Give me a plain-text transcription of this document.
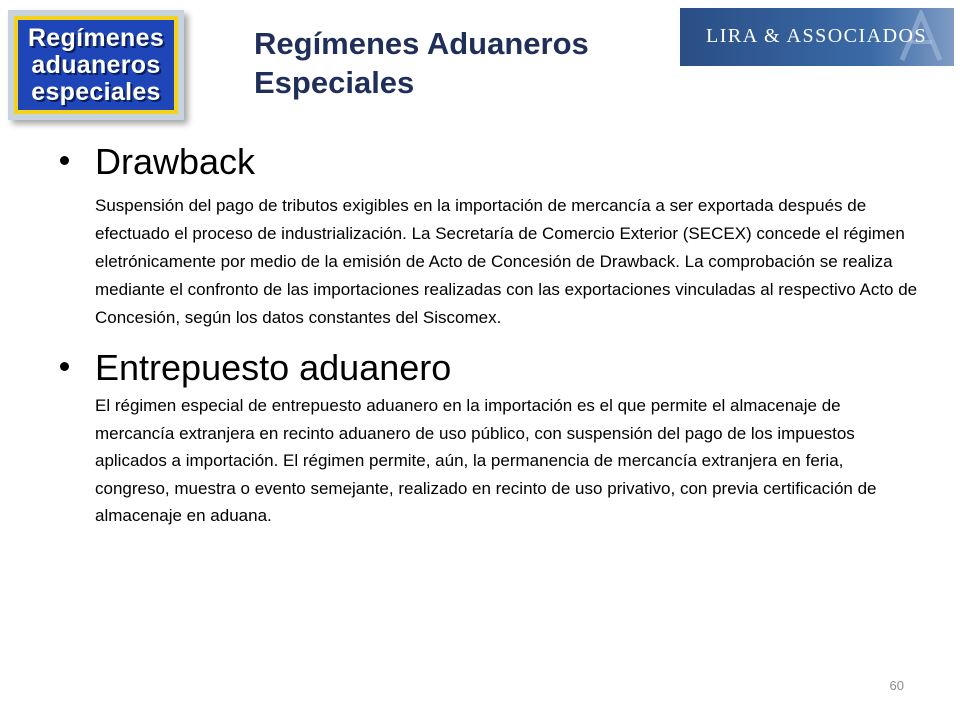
Regímenes
aduaneros
especiales
Regímenes Aduaneros
Especiales
LIRA & ASSOCIADOS
Drawback

Suspensión del pago de tributos exigibles en la importación de mercancía a ser exportada después de efectuado el proceso de industrialización. La Secretaría de Comercio Exterior (SECEX) concede el régimen eletrónicamente por medio de la emisión de Acto de Concesión de Drawback. La comprobación se realiza mediante el confronto de las importaciones realizadas con las exportaciones vinculadas al respectivo Acto de Concesión, según los datos constantes del Siscomex.

Entrepuesto aduanero

El régimen especial de entrepuesto aduanero en la importación es el que permite el almacenaje de mercancía extranjera en recinto aduanero de uso público, con suspensión del pago de los impuestos aplicados a importación. El régimen permite, aún, la permanencia de mercancía extranjera en feria, congreso, muestra o evento semejante, realizado en recinto de uso privativo, con previa certificación de almacenaje en aduana.

60
